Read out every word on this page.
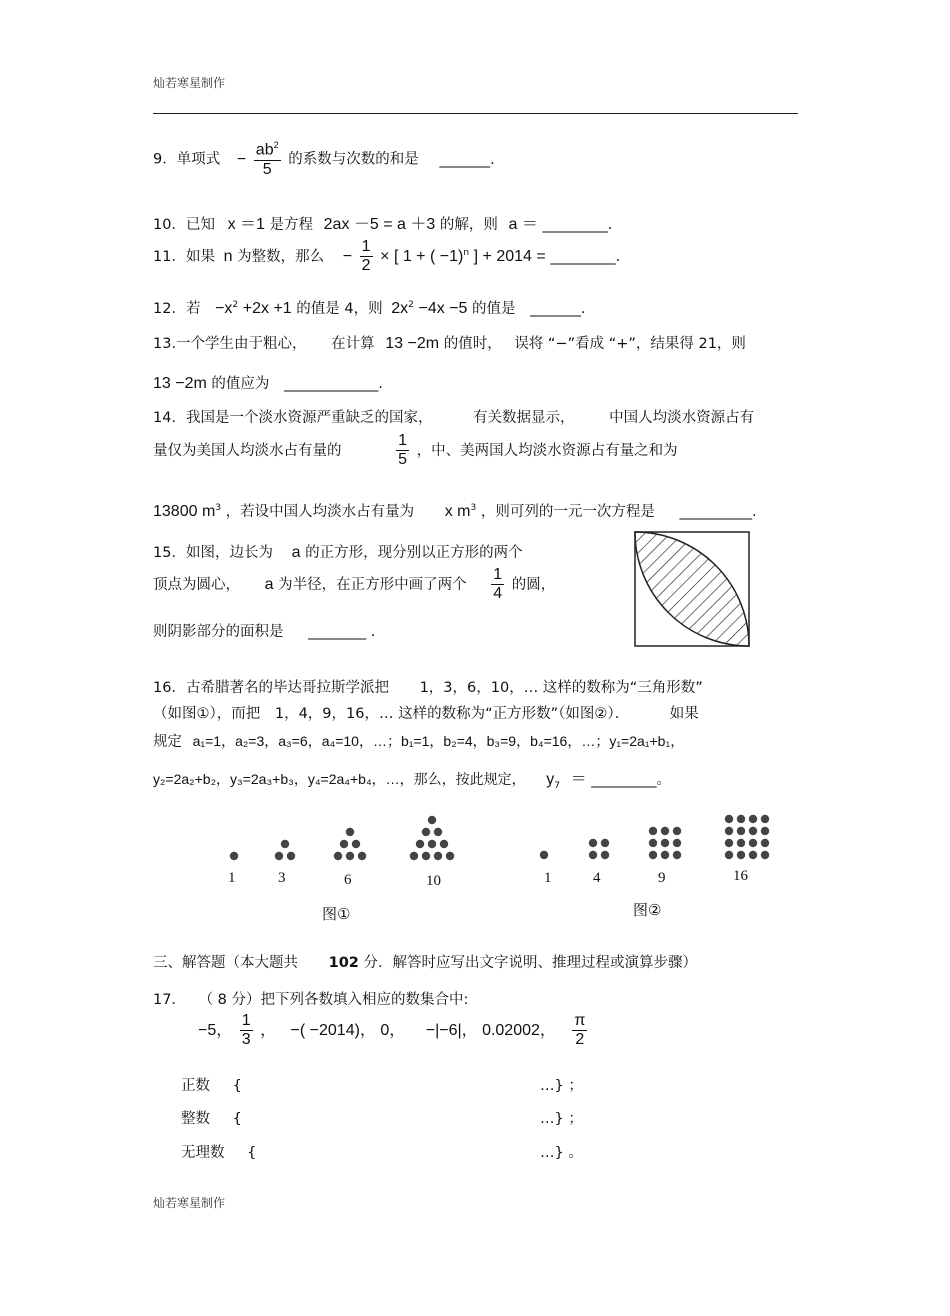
灿若寒星制作
9．单项式 − $\frac{ab^2}{5}$ 的系数与次数的和是 _______.
10．已知 x ＝1 是方程 2ax －5 = a ＋3 的解，则 a ＝ _________.
11．如果 n 为整数，那么 − $\frac{1}{2}$ × [ 1 + ( −1)$^n$ ] + 2014 = _________.
12．若 $-x^2 +2x +1$ 的值是 4，则 $2x^2 -4x -5$ 的值是 _______.
13.一个学生由于粗心， 在计算 13 −2m 的值时， 误将 “−”看成 “+”，结果得 21，则
13 −2m 的值应为 _____________.
14．我国是一个淡水资源严重缺乏的国家，	有关数据显示， 中国人均淡水资源占有
量仅为美国人均淡水占有量的	$\frac{1}{5}$ ，中、美两国人均淡水资源占有量之和为
13800 $m^3$ ，若设中国人均淡水占有量为 x $m^3$ ，则可列的一元一次方程是 __________.
15．如图，边长为 a 的正方形，现分别以正方形的两个
顶点为圆心， a 为半径，在正方形中画了两个 $\frac{1}{4}$ 的圆，
则阴影部分的面积是 ________ .
16．古希腊著名的毕达哥拉斯学派把 1，3，6，10，… 这样的数称为“三角形数”
（如图①），而把 1，4，9，16，… 这样的数称为“正方形数”（如图②）．	如果
规定 a₁=1，a₂=3，a₃=6，a₄=10，…；b₁=1，b₂=4，b₃=9，b₄=16，…；y₁=2a₁+b₁，
y₂=2a₂+b₂，y₃=2a₃+b₃，y₄=2a₄+b₄，…，那么，按此规定， $y_7$ ＝ _________。
1	3	6	10
图①
1	4	9	16
图②
三、解答题（本大题共 102 分．解答时应写出文字说明、推理过程或演算步骤）
17． （ 8 分）把下列各数填入相应的数集合中:
−5， $\frac{1}{3}$ ， −( −2014)， 0， −|−6|， 0.02002， $\frac{\pi}{2}$
正数 {	…} ；
整数 {	…} ；
无理数 {	…} 。
灿若寒星制作
